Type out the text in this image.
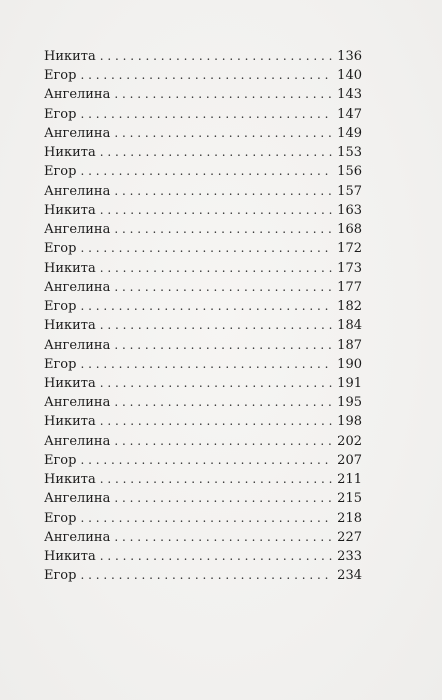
Никита . . .	136
Егор . . .	140
Ангелина . . .	143
Егор . . .	147
Ангелина . . .	149
Никита . . .	153
Егор . . .	156
Ангелина . . .	157
Никита . . .	163
Ангелина . . .	168
Егор . . .	172
Никита . . .	173
Ангелина . . .	177
Егор . . .	182
Никита . . .	184
Ангелина . . .	187
Егор . . .	190
Никита . . .	191
Ангелина . . .	195
Никита . . .	198
Ангелина . . .	202
Егор . . .	207
Никита . . .	211
Ангелина . . .	215
Егор . . .	218
Ангелина . . .	227
Никита . . .	233
Егор . . .	234
